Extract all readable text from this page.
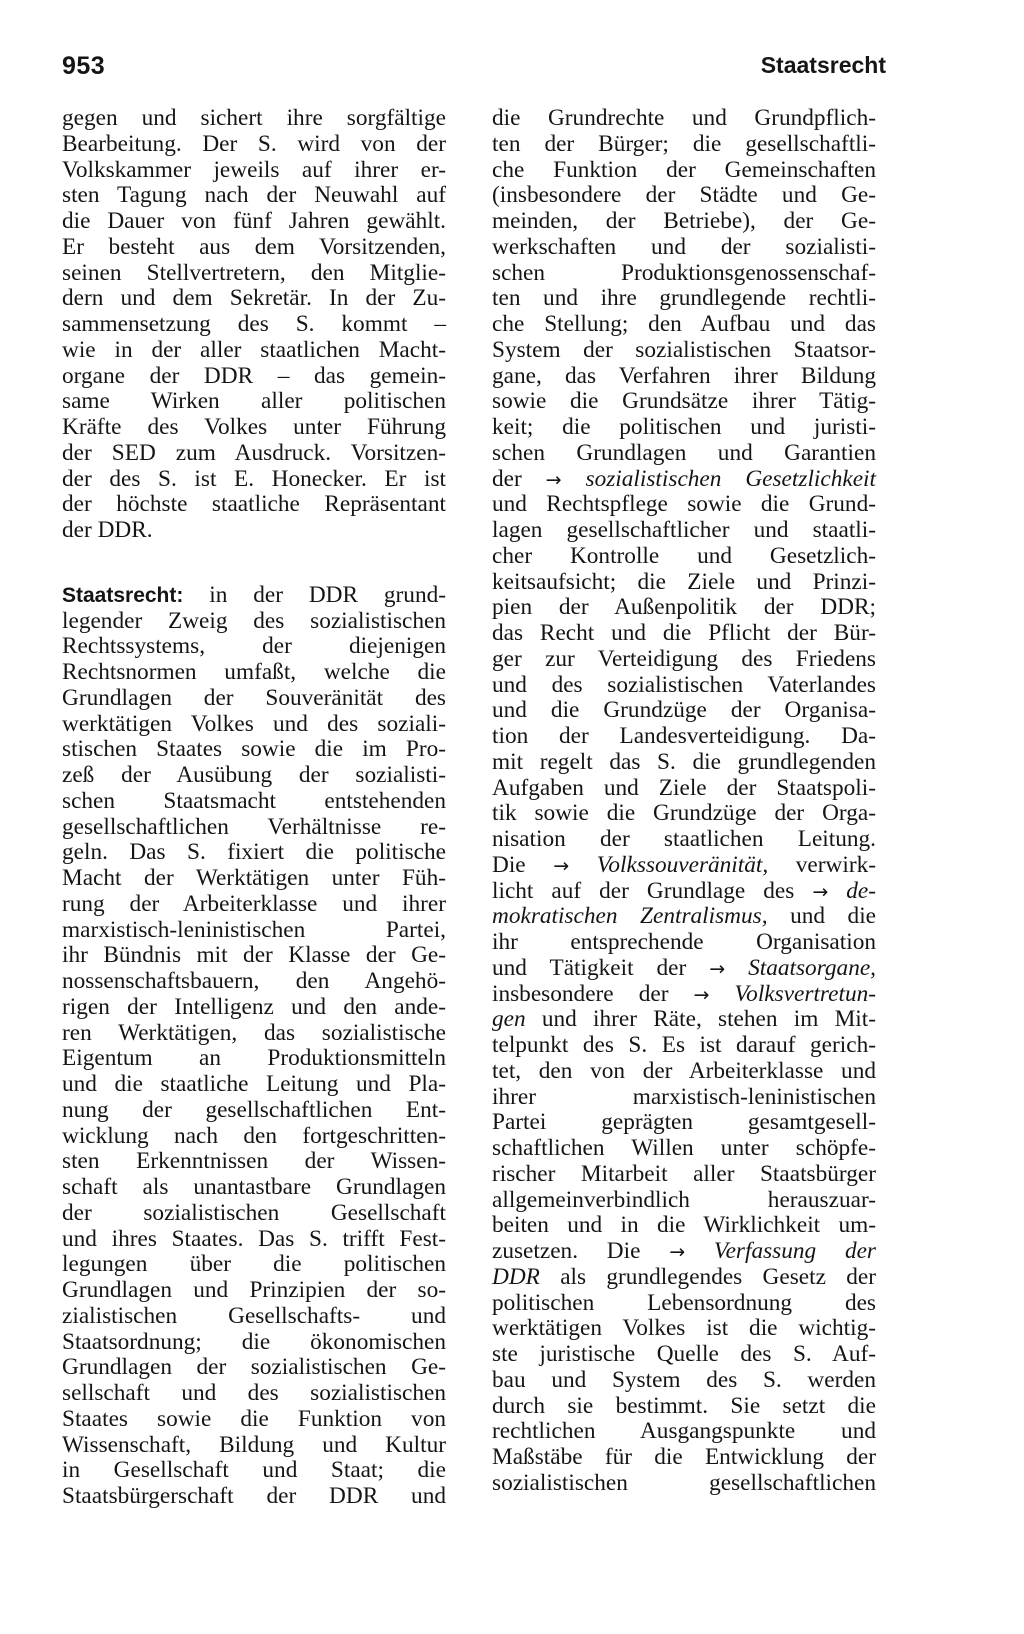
953	Staatsrecht
gegen und sichert ihre sorgfältige
Bearbeitung. Der S. wird von der
Volkskammer jeweils auf ihrer er-
sten Tagung nach der Neuwahl auf
die Dauer von fünf Jahren gewählt.
Er besteht aus dem Vorsitzenden,
seinen Stellvertretern, den Mitglie-
dern und dem Sekretär. In der Zu-
sammensetzung des S. kommt –
wie in der aller staatlichen Macht-
organe der DDR – das gemein-
same Wirken aller politischen
Kräfte des Volkes unter Führung
der SED zum Ausdruck. Vorsitzen-
der des S. ist E. Honecker. Er ist
der höchste staatliche Repräsentant
der DDR.
Staatsrecht: in der DDR grund-
legender Zweig des sozialistischen
Rechtssystems, der diejenigen
Rechtsnormen umfaßt, welche die
Grundlagen der Souveränität des
werktätigen Volkes und des soziali-
stischen Staates sowie die im Pro-
zeß der Ausübung der sozialisti-
schen Staatsmacht entstehenden
gesellschaftlichen Verhältnisse re-
geln. Das S. fixiert die politische
Macht der Werktätigen unter Füh-
rung der Arbeiterklasse und ihrer
marxistisch-leninistischen Partei,
ihr Bündnis mit der Klasse der Ge-
nossenschaftsbauern, den Angehö-
rigen der Intelligenz und den ande-
ren Werktätigen, das sozialistische
Eigentum an Produktionsmitteln
und die staatliche Leitung und Pla-
nung der gesellschaftlichen Ent-
wicklung nach den fortgeschritten-
sten Erkenntnissen der Wissen-
schaft als unantastbare Grundlagen
der sozialistischen Gesellschaft
und ihres Staates. Das S. trifft Fest-
legungen über die politischen
Grundlagen und Prinzipien der so-
zialistischen Gesellschafts- und
Staatsordnung; die ökonomischen
Grundlagen der sozialistischen Ge-
sellschaft und des sozialistischen
Staates sowie die Funktion von
Wissenschaft, Bildung und Kultur
in Gesellschaft und Staat; die
Staatsbürgerschaft der DDR und
die Grundrechte und Grundpflich-
ten der Bürger; die gesellschaftli-
che Funktion der Gemeinschaften
(insbesondere der Städte und Ge-
meinden, der Betriebe), der Ge-
werkschaften und der sozialisti-
schen Produktionsgenossenschaf-
ten und ihre grundlegende rechtli-
che Stellung; den Aufbau und das
System der sozialistischen Staatsor-
gane, das Verfahren ihrer Bildung
sowie die Grundsätze ihrer Tätig-
keit; die politischen und juristi-
schen Grundlagen und Garantien
der → sozialistischen Gesetzlichkeit
und Rechtspflege sowie die Grund-
lagen gesellschaftlicher und staatli-
cher Kontrolle und Gesetzlich-
keitsaufsicht; die Ziele und Prinzi-
pien der Außenpolitik der DDR;
das Recht und die Pflicht der Bür-
ger zur Verteidigung des Friedens
und des sozialistischen Vaterlandes
und die Grundzüge der Organisa-
tion der Landesverteidigung. Da-
mit regelt das S. die grundlegenden
Aufgaben und Ziele der Staatspoli-
tik sowie die Grundzüge der Orga-
nisation der staatlichen Leitung.
Die → Volkssouveränität, verwirk-
licht auf der Grundlage des → de-
mokratischen Zentralismus, und die
ihr entsprechende Organisation
und Tätigkeit der → Staatsorgane,
insbesondere der → Volksvertretun-
gen und ihrer Räte, stehen im Mit-
telpunkt des S. Es ist darauf gerich-
tet, den von der Arbeiterklasse und
ihrer marxistisch-leninistischen
Partei geprägten gesamtgesell-
schaftlichen Willen unter schöpfe-
rischer Mitarbeit aller Staatsbürger
allgemeinverbindlich herauszuar-
beiten und in die Wirklichkeit um-
zusetzen. Die → Verfassung der
DDR als grundlegendes Gesetz der
politischen Lebensordnung des
werktätigen Volkes ist die wichtig-
ste juristische Quelle des S. Auf-
bau und System des S. werden
durch sie bestimmt. Sie setzt die
rechtlichen Ausgangspunkte und
Maßstäbe für die Entwicklung der
sozialistischen gesellschaftlichen
